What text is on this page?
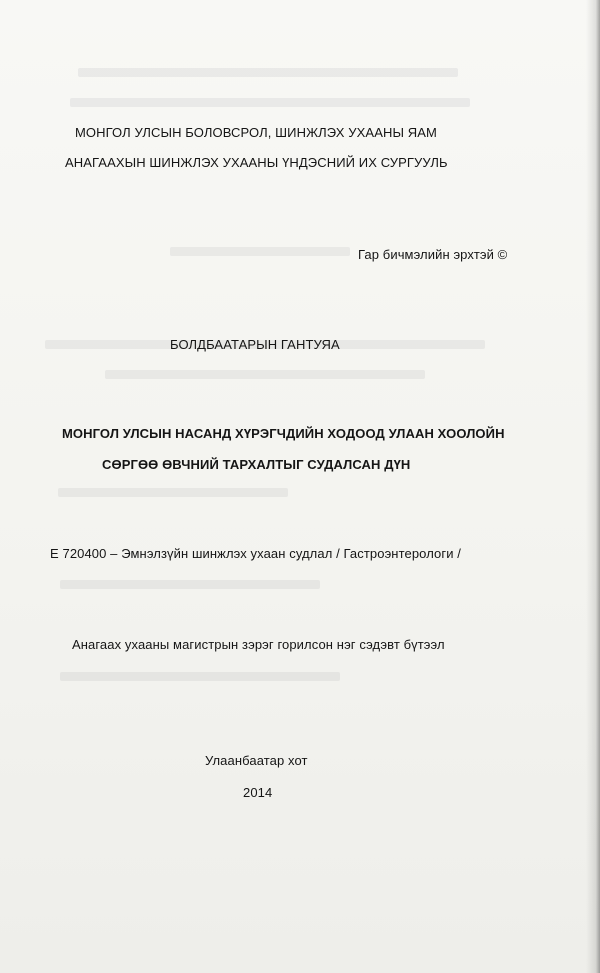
МОНГОЛ УЛСЫН БОЛОВСРОЛ, ШИНЖЛЭХ УХААНЫ ЯАМ
АНАГААХЫН ШИНЖЛЭХ УХААНЫ ҮНДЭСНИЙ ИХ СУРГУУЛЬ
Гар бичмэлийн эрхтэй ©
БОЛДБААТАРЫН ГАНТУЯА
МОНГОЛ УЛСЫН НАСАНД ХҮРЭГЧДИЙН ХОДООД УЛААН ХООЛОЙН
СӨРГӨӨ ӨВЧНИЙ ТАРХАЛТЫГ СУДАЛСАН ДҮН
Е 720400 – Эмнэлзүйн шинжлэх ухаан судлал / Гастроэнтерологи /
Анагаах ухааны магистрын зэрэг горилсон нэг сэдэвт бүтээл
Улаанбаатар хот
2014
